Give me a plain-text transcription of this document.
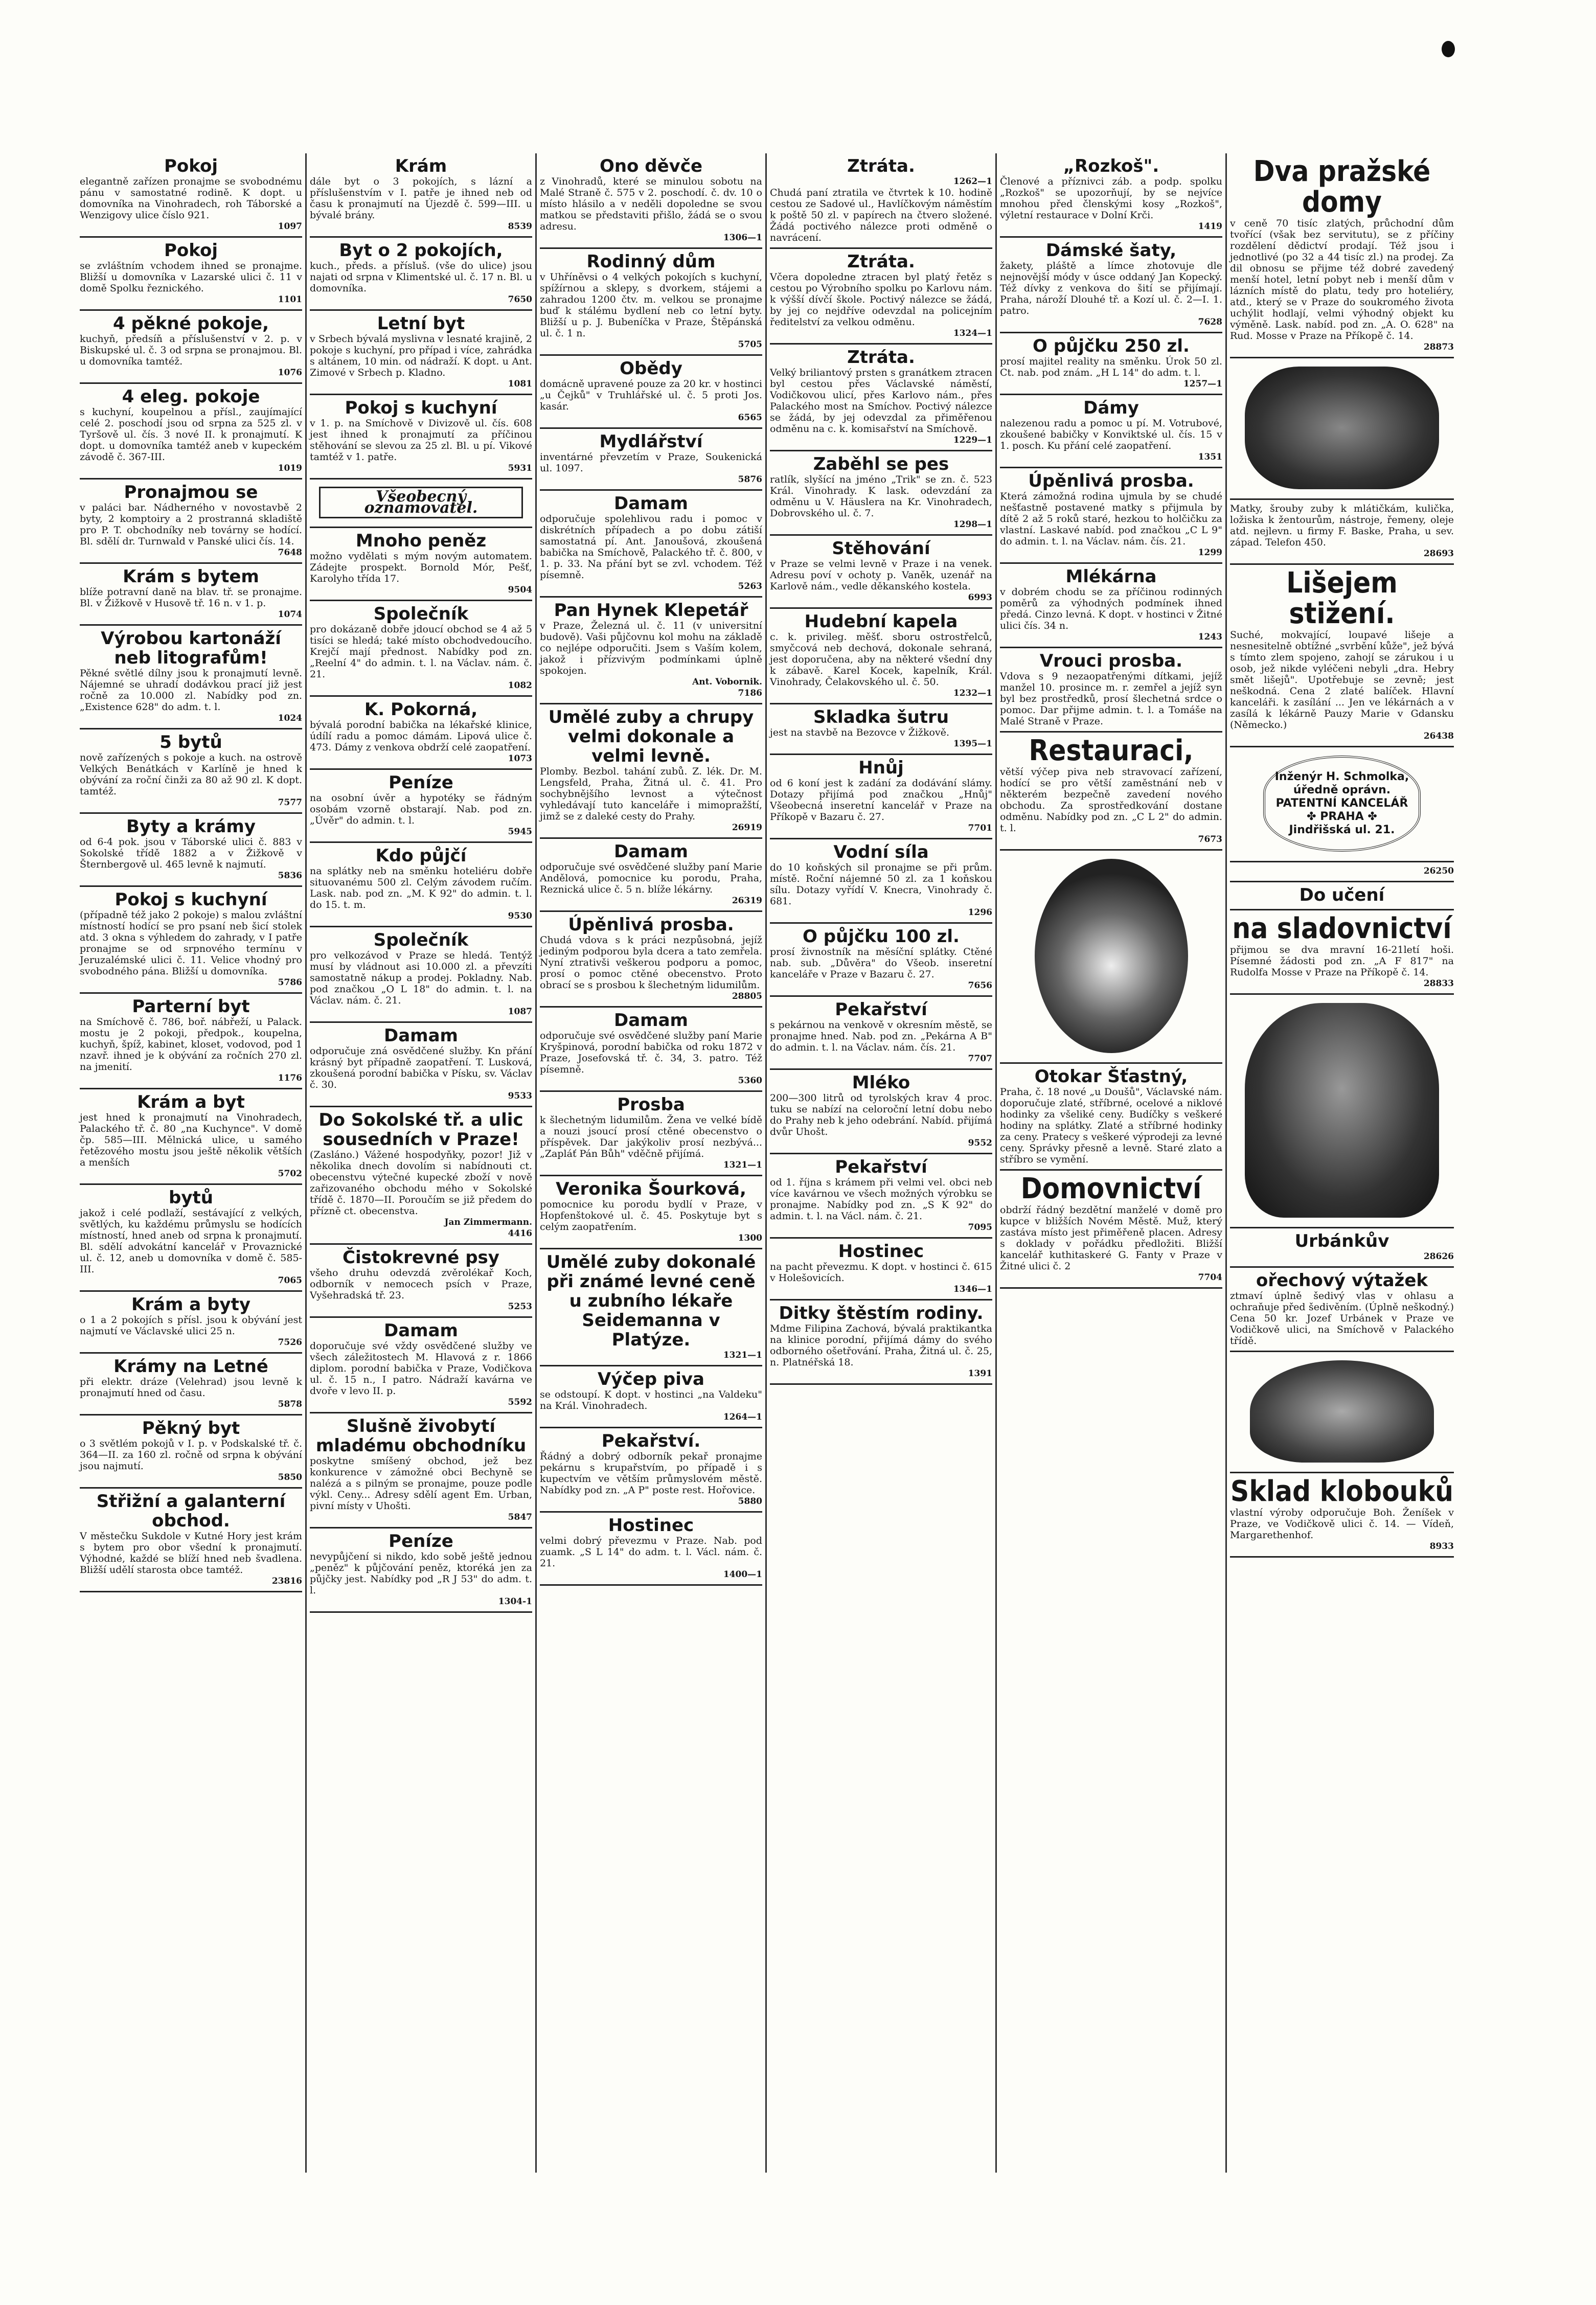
Pokoj
elegantně zařízen pronajme se svobodnému pánu v samostatné rodině. K dopt. u domovníka na Vinohradech, roh Táborské a Wenzigovy ulice číslo 921.
1097
Pokoj
se zvláštním vchodem ihned se pronajme. Bližší u domovníka v Lazarské ulici č. 11 v domě Spolku řeznického.
1101
4 pěkné pokoje,
kuchyň, předsíň a příslušenství v 2. p. v Biskupské ul. č. 3 od srpna se pronajmou. Bl. u domovníka tamtéž.
1076
4 eleg. pokoje
s kuchyní, koupelnou a přísl., zaujímající celé 2. poschodí jsou od srpna za 525 zl. v Tyršově ul. čís. 3 nové II. k pronajmutí. K dopt. u domovníka tamtéž aneb v kupeckém závodě č. 367-III.
1019
Pronajmou se
v paláci bar. Nádherného v novostavbě 2 byty, 2 komptoiry a 2 prostranná skladiště pro P. T. obchodníky neb továrny se hodící. Bl. sdělí dr. Turnwald v Panské ulici čís. 14.
7648
Krám s bytem
blíže potravní daně na blav. tř. se pronajme. Bl. v Žižkově v Husově tř. 16 n. v 1. p.
1074
Výrobou kartonáží neb litografům!
Pěkné světlé dílny jsou k pronajmutí levně. Nájemné se uhradí dodávkou prací již jest ročně za 10.000 zl. Nabídky pod zn. „Existence 628" do adm. t. l.
1024
5 bytů
nově zařízených s pokoje a kuch. na ostrově Velkých Benátkách v Karlíně je hned k obývání za roční činži za 80 až 90 zl. K dopt. tamtéž.
7577
Byty a krámy
od 6-4 pok. jsou v Táborské ulici č. 883 v Sokolské třídě 1882 a v Žižkově v Šternbergově ul. 465 levně k najmutí.
5836
Pokoj s kuchyní
(případně též jako 2 pokoje) s malou zvláštní místností hodící se pro psaní neb šicí stolek atd. 3 okna s výhledem do zahrady, v I patře pronajme se od srpnového termínu v Jeruzalémské ulici č. 11. Velice vhodný pro svobodného pána. Bližší u domovníka.
5786
Parterní byt
na Smíchově č. 786, boř. nábřeží, u Palack. mostu je 2 pokoji, předpok., koupelna, kuchyň, špíž, kabinet, kloset, vodovod, pod 1 nzavř. ihned je k obývání za ročních 270 zl. na jmenití.
1176
Krám a byt
jest hned k pronajmutí na Vinohradech, Palackého tř. č. 80 „na Kuchynce". V domě čp. 585—III. Mělnická ulice, u samého řetězového mostu jsou ještě několik větších a menších
5702
bytů
jakož i celé podlaží, sestávající z velkých, světlých, ku každému průmyslu se hodících místností, hned aneb od srpna k pronajmutí. Bl. sdělí advokátní kancelář v Provaznické ul. č. 12, aneb u domovníka v domě č. 585-III.
7065
Krám a byty
o 1 a 2 pokojích s přísl. jsou k obývání jest najmutí ve Václavské ulici 25 n.
7526
Krámy na Letné
při elektr. dráze (Velehrad) jsou levně k pronajmutí hned od času.
5878
Pěkný byt
o 3 světlém pokojů v I. p. v Podskalské tř. č. 364—II. za 160 zl. ročně od srpna k obývání jsou najmutí.
5850
Střižní a galanterní obchod.
V městečku Sukdole v Kutné Hory jest krám s bytem pro obor všední k pronajmutí. Výhodné, každé se blíží hned neb švadlena. Bližší udělí starosta obce tamtéž.
23816
Krám
dále byt o 3 pokojích, s lázní a příslušenstvím v I. patře je ihned neb od času k pronajmutí na Újezdě č. 599—III. u bývalé brány.
8539
Byt o 2 pokojích,
kuch., předs. a přísluš. (vše do ulice) jsou najati od srpna v Klimentské ul. č. 17 n. Bl. u domovníka.
7650
Letní byt
v Srbech bývalá myslivna v lesnaté krajině, 2 pokoje s kuchyní, pro případ i více, zahrádka s altánem, 10 min. od nádraží. K dopt. u Ant. Zimové v Srbech p. Kladno.
1081
Pokoj s kuchyní
v 1. p. na Smíchově v Divizově ul. čís. 608 jest ihned k pronajmutí za příčinou stěhování se slevou za 25 zl. Bl. u pí. Vikové tamtéž v 1. patře.
5931
Všeobecný oznamovatel.
Mnoho peněz
možno vydělati s mým novým automatem. Zádejte prospekt. Bornold Mór, Pešť, Karolyho třída 17.
9504
Společník
pro dokázaně dobře jdoucí obchod se 4 až 5 tisíci se hledá; také místo obchodvedoucího. Krejčí mají přednost. Nabídky pod zn. „Reelní 4" do admin. t. l. na Václav. nám. č. 21.
1082
K. Pokorná,
bývalá porodní babička na lékařské klinice, údílí radu a pomoc dámám. Lipová ulice č. 473. Dámy z venkova obdrží celé zaopatření.
1073
Peníze
na osobní úvěr a hypotéky se řádným osobám vzorně obstarají. Nab. pod zn. „Úvěr" do admin. t. l.
5945
Kdo půjčí
na splátky neb na směnku hoteliéru dobře situovanému 500 zl. Celým závodem ručím. Lask. nab. pod zn. „M. K 92" do admin. t. l. do 15. t. m.
9530
Společník
pro velkozávod v Praze se hledá. Tentýž musí by vládnout asi 10.000 zl. a převzíti samostatně nákup a prodej. Pokladny. Nab. pod značkou „O L 18" do admin. t. l. na Václav. nám. č. 21.
1087
Damam
odporučuje zná osvědčené služby. Kn přání krásný byt případně zaopatření. T. Lusková, zkoušená porodní babička v Písku, sv. Václav č. 30.
9533
Do Sokolské tř. a ulic sousedních v Praze!
(Zasláno.) Vážené hospodyňky, pozor! Již v několika dnech dovolím si nabídnouti ct. obecenstvu výtečné kupecké zboží v nově zařizovaného obchodu mého v Sokolské třídě č. 1870—II. Poroučím se již předem do přízně ct. obecenstva.
Jan Zimmermann.
4416
Čistokrevné psy
všeho druhu odevzdá zvěrolékař Koch, odborník v nemocech psích v Praze, Vyšehradská tř. 23.
5253
Damam
doporučuje své vždy osvědčené služby ve všech záležitostech M. Hlavová z r. 1866 diplom. porodní babička v Praze, Vodičkova ul. č. 15 n., I patro. Nádraží kavárna ve dvoře v levo II. p.
5592
Slušně živobytí mladému obchodníku
poskytne smíšený obchod, jež bez konkurence v zámožné obci Bechyně se nalézá a s pilným se pronajme, pouze podle výkl. Ceny... Adresy sdělí agent Em. Urban, pivní místy v Uhošti.
5847
Peníze
nevypůjčení si nikdo, kdo sobě ještě jednou „peněz" k půjčování peněz, ktoréká jen za půjčky jest. Nabídky pod „R J 53" do adm. t. l.
1304-1
Ono děvče
z Vinohradů, které se minulou sobotu na Malé Straně č. 575 v 2. poschodí. č. dv. 10 o místo hlásilo a v neděli dopoledne se svou matkou se představiti přišlo, žádá se o svou adresu.
1306—1
Rodinný dům
v Uhříněvsi o 4 velkých pokojích s kuchyní, spížírnou a sklepy, s dvorkem, stájemi a zahradou 1200 čtv. m. velkou se pronajme buď k stálému bydlení neb co letní byty. Bližší u p. J. Bubeníčka v Praze, Štěpánská ul. č. 1 n.
5705
Obědy
domácně upravené pouze za 20 kr. v hostinci „u Čejků" v Truhlářské ul. č. 5 proti Jos. kasár.
6565
Mydlářství
inventárné převzetím v Praze, Soukenická ul. 1097.
5876
Damam
odporučuje spolehlivou radu i pomoc v diskrétních případech a po dobu zátiší samostatná pí. Ant. Janoušová, zkoušená babička na Smíchově, Palackého tř. č. 800, v 1. p. 33. Na přání byt se zvl. vchodem. Též písemně.
5263
Pan Hynek Klepetář
v Praze, Železná ul. č. 11 (v universitní budově). Vaši půjčovnu kol mohu na základě co nejlépe odporučiti. Jsem s Vaším kolem, jakož i přízvivým podmínkami úplně spokojen.
Ant. Vobornik.
7186
Umělé zuby a chrupy velmi dokonale a velmi levně.
Plomby. Bezbol. tahání zubů. Z. lék. Dr. M. Lengsfeld, Praha, Žitná ul. č. 41. Pro sochybnějšího levnost a výtečnost vyhledávají tuto kanceláře i mimopražští, jimž se z daleké cesty do Prahy.
26919
Damam
odporučuje své osvědčené služby paní Marie Andělová, pomocnice ku porodu, Praha, Reznická ulice č. 5 n. blíže lékárny.
26319
Úpěnlivá prosba.
Chudá vdova s k práci nezpůsobná, jejíž jediným podporou byla dcera a tato zemřela. Nyní ztrativši veškerou podporu a pomoc, prosí o pomoc ctěné obecenstvo. Proto obrací se s prosbou k šlechetným lidumilům.
28805
Damam
odporučuje své osvědčené služby paní Marie Kryšpinová, porodní babička od roku 1872 v Praze, Josefovská tř. č. 34, 3. patro. Též písemně.
5360
Prosba
k šlechetným lidumilům. Žena ve velké bídě a nouzi jsoucí prosí ctěné obecenstvo o příspěvek. Dar jakýkoliv prosí nezbývá... „Zapláť Pán Bůh" vděčně přijímá.
1321—1
Veronika Šourková,
pomocnice ku porodu bydlí v Praze, v Hopfenštokové ul. č. 45. Poskytuje byt s celým zaopatřením.
1300
Umělé zuby dokonalé při známé levné ceně u zubního lékaře Seidemanna v Platýze.
1321—1
Výčep piva
se odstoupí. K dopt. v hostinci „na Valdeku" na Král. Vinohradech.
1264—1
Pekařství.
Řádný a dobrý odborník pekař pronajme pekárnu s krupařstvím, po případě i s kupectvím ve větším průmyslovém městě. Nabídky pod zn. „A P" poste rest. Hořovice.
5880
Hostinec
velmi dobrý převezmu v Praze. Nab. pod zuamk. „S L 14" do adm. t. l. Václ. nám. č. 21.
1400—1
Ztráta.
1262—1
Chudá paní ztratila ve čtvrtek k 10. hodině cestou ze Sadové ul., Havlíčkovým náměstím k poště 50 zl. v papírech na čtvero složené. Žádá poctivého nálezce proti odměně o navrácení.
Ztráta.
Včera dopoledne ztracen byl platý řetěz s cestou po Výrobního spolku po Karlovu nám. k výšší dívčí škole. Poctivý nálezce se žádá, by jej co nejdříve odevzdal na policejním ředitelství za velkou odměnu.
1324—1
Ztráta.
Velký briliantový prsten s granátkem ztracen byl cestou přes Václavské náměstí, Vodičkovou ulicí, přes Karlovo nám., přes Palackého most na Smíchov. Poctivý nálezce se žádá, by jej odevzdal za přiměřenou odměnu na c. k. komisařství na Smíchově.
1229—1
Zaběhl se pes
ratlík, slyšící na jméno „Trik" se zn. č. 523 Král. Vinohrady. K lask. odevzdání za odměnu u V. Häuslera na Kr. Vinohradech, Dobrovského ul. č. 7.
1298—1
Stěhování
v Praze se velmi levně v Praze i na venek. Adresu poví v ochoty p. Vaněk, uzenář na Karlově nám., vedle děkanského kostela.
6993
Hudební kapela
c. k. privileg. měšť. sboru ostrostřelců, smyčcová neb dechová, dokonale sehraná, jest doporučena, aby na některé všední dny k zábavě. Karel Kocek, kapelník, Král. Vinohrady, Čelakovského ul. č. 50.
1232—1
Skladka šutru
jest na stavbě na Bezovce v Žižkově.
1395—1
Hnůj
od 6 koní jest k zadání za dodávání slámy. Dotazy přijímá pod značkou „Hnůj" Všeobecná inseretní kancelář v Praze na Příkopě v Bazaru č. 27.
7701
Vodní síla
do 10 koňských sil pronajme se při prům. místě. Roční nájemné 50 zl. za 1 koňskou sílu. Dotazy vyřídí V. Knecra, Vinohrady č. 681.
1296
O půjčku 100 zl.
prosí živnostník na měsíční splátky. Ctěné nab. sub. „Důvěra" do Všeob. inseretní kanceláře v Praze v Bazaru č. 27.
7656
Pekařství
s pekárnou na venkově v okresním městě, se pronajme hned. Nab. pod zn. „Pekárna A B" do admin. t. l. na Václav. nám. čís. 21.
7707
Mléko
200—300 litrů od tyrolských krav 4 proc. tuku se nabízí na celoroční letní dobu nebo do Prahy neb k jeho odebrání. Nabíd. přijímá dvůr Uhošt.
9552
Pekařství
od 1. října s krámem při velmi vel. obci neb více kavárnou ve všech možných výrobku se pronajme. Nabídky pod zn. „S K 92" do admin. t. l. na Václ. nám. č. 21.
7095
Hostinec
na pacht převezmu. K dopt. v hostinci č. 615 v Holešovicích.
1346—1
Ditky štěstím rodiny.
Mdme Filipina Zachová, bývalá praktikantka na klinice porodní, přijímá dámy do svého odborného ošetřování. Praha, Žitná ul. č. 25, n. Platnéřská 18.
1391
„Rozkoš".
Členové a příznivci záb. a podp. spolku „Rozkoš" se upozorňují, by se nejvíce mnohou před členskými kosy „Rozkoš", výletní restaurace v Dolní Krči.
1419
Dámské šaty,
žakety, pláště a límce zhotovuje dle nejnovější módy v úsce oddaný Jan Kopecký. Též dívky z venkova do šití se přijímají. Praha, nároží Dlouhé tř. a Kozí ul. č. 2—I. 1. patro.
7628
O půjčku 250 zl.
prosí majitel reality na směnku. Úrok 50 zl. Ct. nab. pod znám. „H L 14" do adm. t. l.
1257—1
Dámy
nalezenou radu a pomoc u pí. M. Votrubové, zkoušené babičky v Konviktské ul. čís. 15 v 1. posch. Ku přání celé zaopatření.
1351
Úpěnlivá prosba.
Která zámožná rodina ujmula by se chudé nešťastně postavené matky s přijmula by dítě 2 až 5 roků staré, hezkou to holčičku za vlastní. Laskavé nabíd. pod značkou „C L 9" do admin. t. l. na Václav. nám. čís. 21.
1299
Mlékárna
v dobrém chodu se za příčinou rodinných poměrů za výhodných podmínek ihned předá. Cinzo levná. K dopt. v hostinci v Žitné ulici čís. 34 n.
1243
Vrouci prosba.
Vdova s 9 nezaopatřenými dítkami, jejíž manžel 10. prosince m. r. zemřel a jejíž syn byl bez prostředků, prosí šlechetná srdce o pomoc. Dar přijme admin. t. l. a Tomáše na Malé Straně v Praze.
Restauraci,
větší výčep piva neb stravovací zařízení, hodící se pro větší zaměstnání neb v některém bezpečně zavedení nového obchodu. Za sprostředkování dostane odměnu. Nabídky pod zn. „C L 2" do admin. t. l.
7673
Otokar Šťastný,
Praha, č. 18 nové „u Doušů", Václavské nám. doporučuje zlaté, stříbrné, ocelové a niklové hodinky za všeliké ceny. Budíčky s veškeré hodiny na splátky. Zlaté a stříbrné hodinky za ceny. Pratecy s veškeré výprodeji za levné ceny. Správky přesně a levně. Staré zlato a stříbro se vymění.
Domovnictví
obdrží řádný bezdětní manželé v domě pro kupce v bližších Novém Městě. Muž, který zastáva místo jest přiměřeně placen. Adresy s doklady v pořádku předložiti. Bližší kancelář kuthitaskeré G. Fanty v Praze v Žitné ulici č. 2
7704
Dva pražské domy
v ceně 70 tisíc zlatých, průchodní dům tvořící (však bez servitutu), se z příčiny rozdělení dědictví prodají. Též jsou i jednotlivé (po 32 a 44 tisíc zl.) na prodej. Za dil obnosu se přijme též dobré zavedený menší hotel, letní pobyt neb i menší dům v lázních místě do platu, tedy pro hoteliéry, atd., který se v Praze do soukromého života uchýlit hodlají, velmi výhodný objekt ku výměně. Lask. nabíd. pod zn. „A. O. 628" na Rud. Mosse v Praze na Příkopě č. 14.
28873
Matky, šrouby zuby k mlátičkám, kulička, ložiska k žentourům, nástroje, řemeny, oleje atd. nejlevn. u firmy F. Baske, Praha, u sev. západ. Telefon 450.
28693
Lišejem stižení.
Suché, mokvající, loupavé lišeje a nesnesitelně obtížné „svrbění kůže", jež bývá s tímto zlem spojeno, zahojí se zárukou i u osob, jež nikde vyléčeni nebyli „dra. Hebry smět lišejů". Upotřebuje se zevně; jest neškodná. Cena 2 zlaté balíček. Hlavní kanceláři. k zasílání ... Jen ve lékárnách a v zasílá k lékárně Pauzy Marie v Gdansku (Německo.)
26438
Inženýr H. Schmolka,
úředně oprávn.
PATENTNÍ KANCELÁŘ
✤ PRAHA ✤
Jindřišská ul. 21.
26250
Do učení
na sladovnictví
přijmou se dva mravní 16-21letí hoši. Písemné žádosti pod zn. „A F 817" na Rudolfa Mosse v Praze na Příkopě č. 14.
28833
Urbánkův
28626
ořechový výtažek
ztmaví úplně šedivý vlas v ohlasu a ochraňuje před šedivěním. (Úplně neškodný.) Cena 50 kr. Jozef Urbánek v Praze ve Vodičkově ulici, na Smíchově v Palackého třídě.
Sklad klobouků
vlastní výroby odporučuje Boh. Ženíšek v Praze, ve Vodičkově ulici č. 14. — Vídeň, Margarethenhof.
8933
